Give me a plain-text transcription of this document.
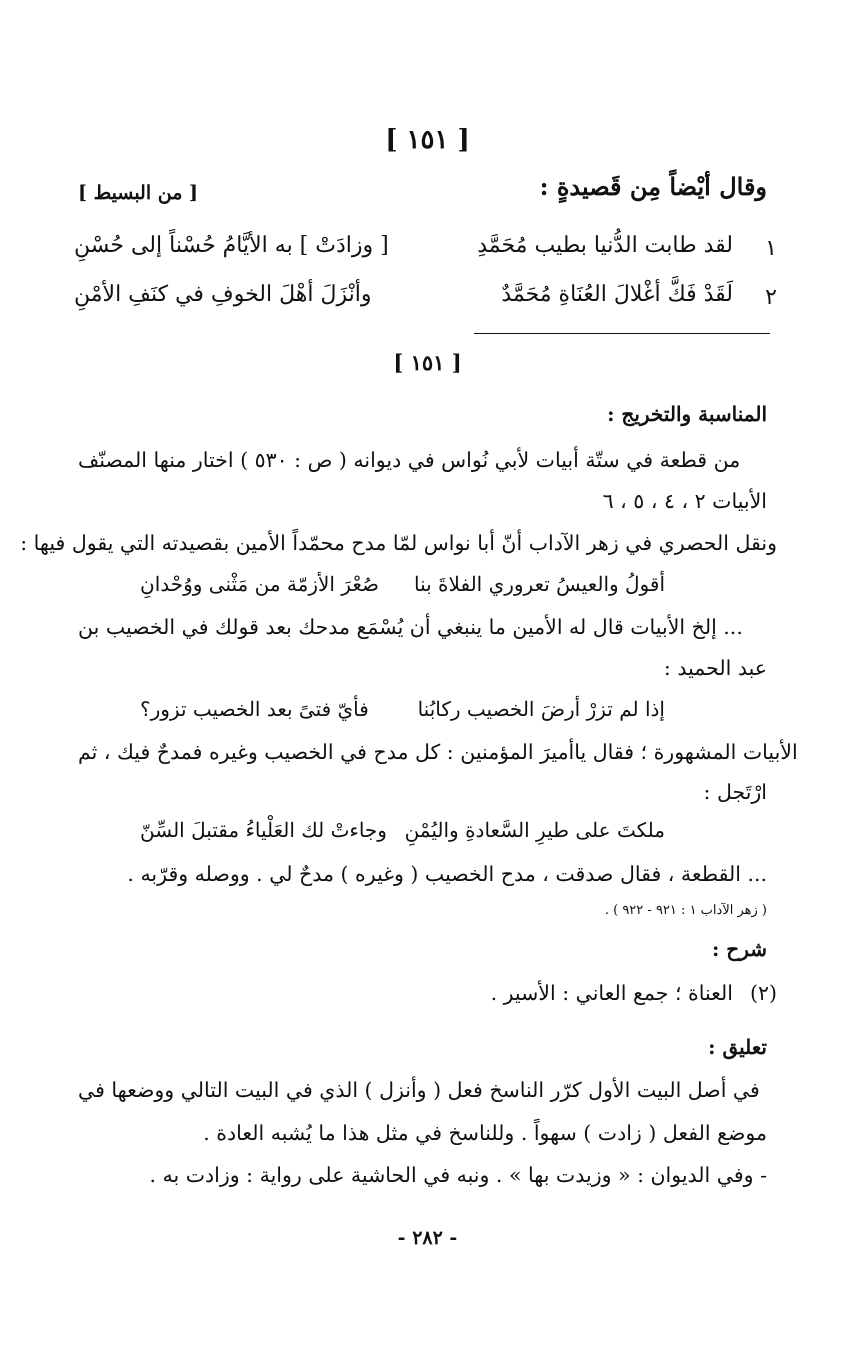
[ ١٥١ ]
وقال أيْضاً مِن قَصيدةٍ :
[ من البسيط ]
١
لقد طابت الدُّنيا بطيب مُحَمَّدِ
[ وزادَتْ ] به الأيَّامُ حُسْناً إلى حُسْنِ
٢
لَقَدْ فَكَّ أغْلالَ العُنَاةِ مُحَمَّدٌ
وأنْزَلَ أهْلَ الخوفِ في كنَفِ الأمْنِ
[ ١٥١ ]
المناسبة والتخريج :
من قطعة في ستّة أبيات لأبي نُواس في ديوانه ( ص : ٥٣٠ ) اختار منها المصنّف
الأبيات ٢ ، ٤ ، ٥ ، ٦
ونقل الحصري في زهر الآداب أنّ أبا نواس لمّا مدح محمّداً الأمين بقصيدته التي يقول فيها :
أقولُ والعيسُ تعروري الفلاةَ بنا
صُعْرَ الأزمّة من مَثْنى ووُحْدانِ
... إلخ الأبيات قال له الأمين ما ينبغي أن يُسْمَع مدحك بعد قولك في الخصيب بن
عبد الحميد :
إذا لم تزرْ أرضَ الخصيب ركابُنا
فأيّ فتىً بعد الخصيب تزور؟
الأبيات المشهورة ؛ فقال ياأميرَ المؤمنين : كل مدح في الخصيب وغيره فمدحٌ فيك ، ثم
ارْتَجل :
ملكتَ على طيرِ السَّعادةِ واليُمْنِ
وجاءتْ لك العَلْياءُ مقتبلَ السِّنّ
... القطعة ، فقال صدقت ، مدح الخصيب ( وغيره ) مدحٌ لي . ووصله وقرّبه .
( زهر الآداب ١ : ٩٢١ - ٩٢٢ ) .
شرح :
(٢)
العناة ؛ جمع العاني : الأسير .
تعليق :
في أصل البيت الأول كرّر الناسخ فعل ( وأنزل ) الذي في البيت التالي ووضعها في
موضع الفعل ( زادت ) سهواً . وللناسخ في مثل هذا ما يُشبه العادة .
- وفي الديوان : « وزيدت بها » . ونبه في الحاشية على رواية : وزادت به .
- ٢٨٢ -
